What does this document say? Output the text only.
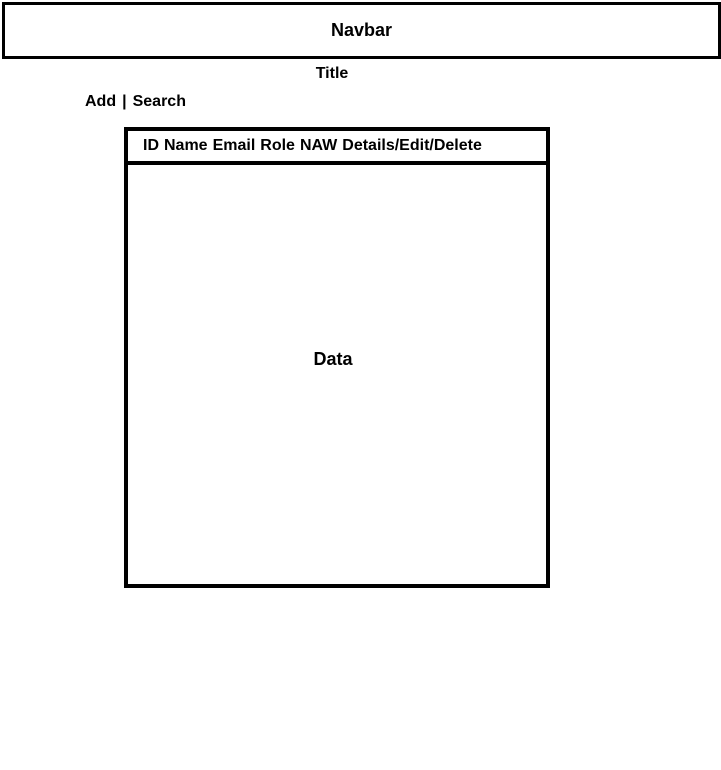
Navbar
Title
Add | Search
ID Name Email Role NAW Details/Edit/Delete
Data
